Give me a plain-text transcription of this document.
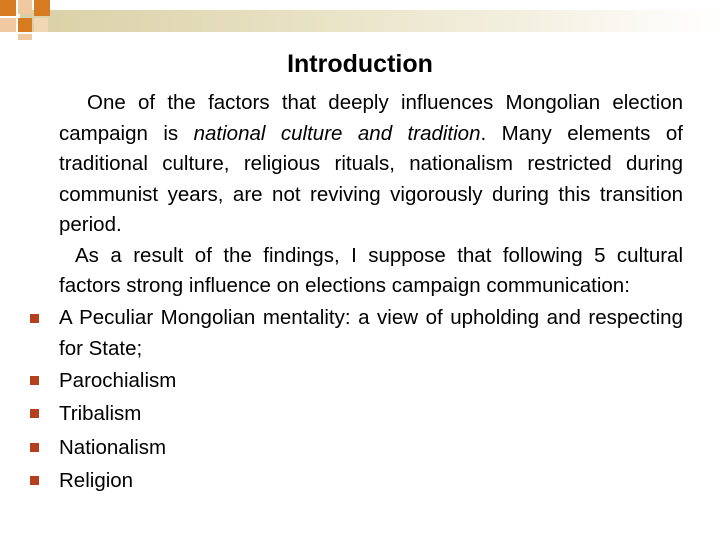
Introduction

One of the factors that deeply influences Mongolian election campaign is national culture and tradition. Many elements of traditional culture, religious rituals, nationalism restricted during communist years, are not reviving vigorously during this transition period.

As a result of the findings, I suppose that following 5 cultural factors strong influence on elections campaign communication:

A Peculiar Mongolian mentality: a view of upholding and respecting for State;
Parochialism
Tribalism
Nationalism
Religion
